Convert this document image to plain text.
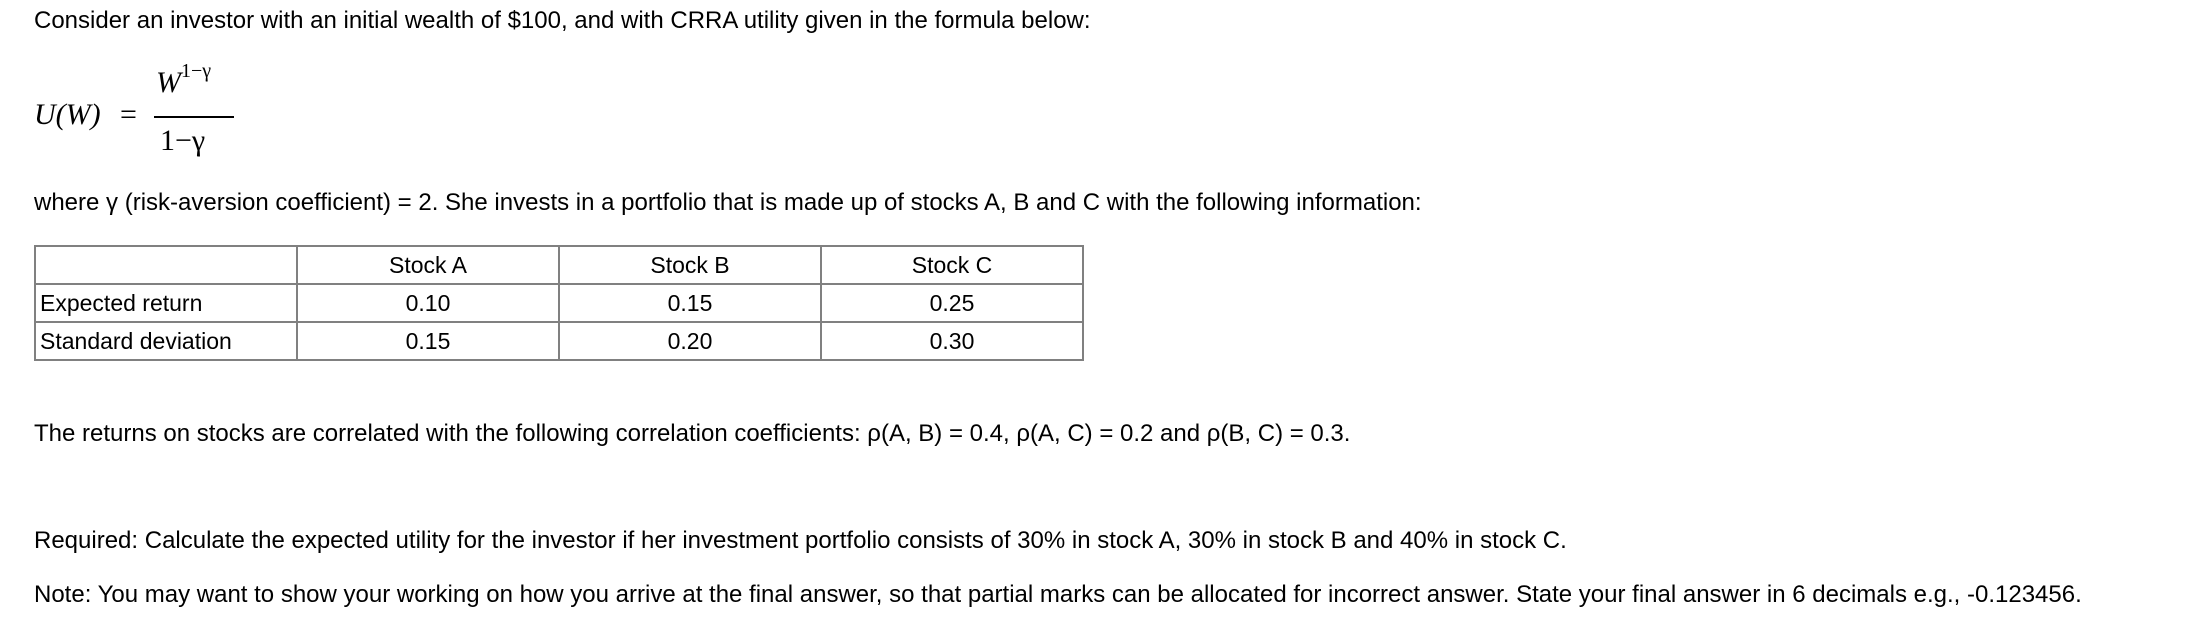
Consider an investor with an initial wealth of $100, and with CRRA utility given in the formula below:

U(W) =
$W^{1-\gamma}$
1−γ

where γ (risk-aversion coefficient) = 2. She invests in a portfolio that is made up of stocks A, B and C with the following information:

	Stock A	Stock B	Stock C
Expected return	0.10	0.15	0.25
Standard deviation	0.15	0.20	0.30

The returns on stocks are correlated with the following correlation coefficients: ρ(A, B) = 0.4, ρ(A, C) = 0.2 and ρ(B, C) = 0.3.

Required: Calculate the expected utility for the investor if her investment portfolio consists of 30% in stock A, 30% in stock B and 40% in stock C.

Note: You may want to show your working on how you arrive at the final answer, so that partial marks can be allocated for incorrect answer. State your final answer in 6 decimals e.g., -0.123456.
